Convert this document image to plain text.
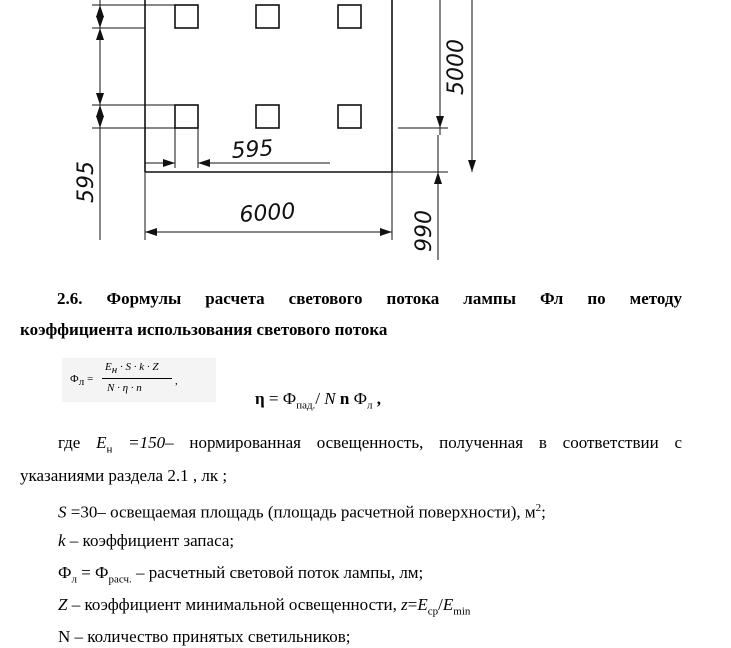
595
6000
5000
595
990
2.6. Формулы расчета светового потока лампы Фл по методу
коэффициента использования светового потока
$Ф_л$ =
$E_н \cdot S \cdot k \cdot Z$
N · η · n
,
$\eta = Ф_{пад.}/$ N n $Ф_л$ ,
где $E_н =150-$ нормированная освещенность, полученная в соответствии с
указаниями раздела 2.1 , лк ;
S =30– освещаемая площадь (площадь расчетной поверхности), $м^2$;
k – коэффициент запаса;
$Ф_л = Ф_{расч.}$ – расчетный световой поток лампы, лм;
Z – коэффициент минимальной освещенности, $z=E_{ср}/E_{min}$
N – количество принятых светильников;
